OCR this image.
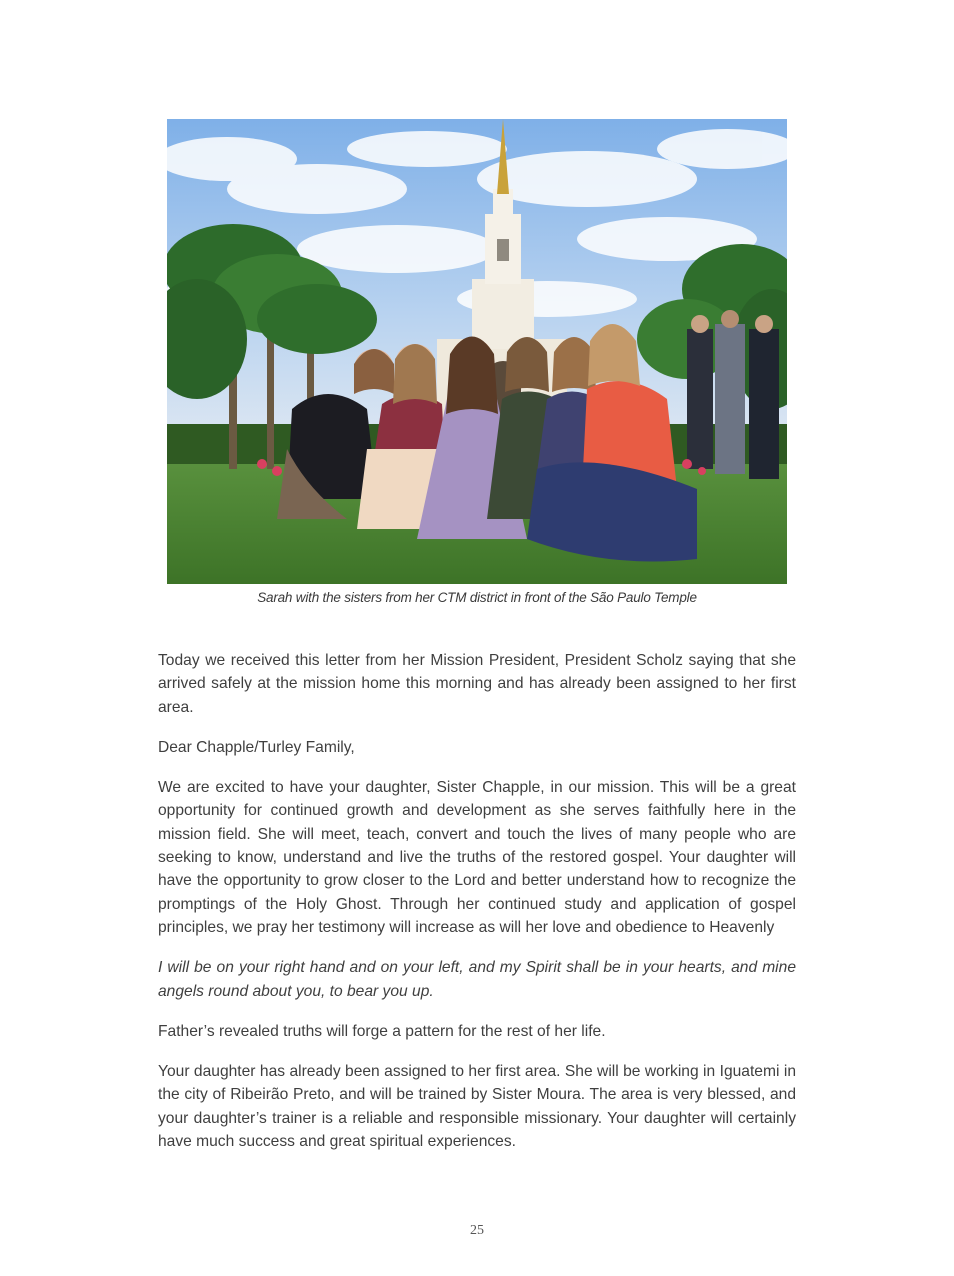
Sarah with the sisters from her CTM district in front of the São Paulo Temple

Today we received this letter from her Mission President, President Scholz saying that she arrived safely at the mission home this morning and has already been assigned to her first area.

Dear Chapple/Turley Family,

We are excited to have your daughter, Sister Chapple, in our mission. This will be a great opportunity for continued growth and development as she serves faithfully here in the mission field. She will meet, teach, convert and touch the lives of many people who are seeking to know, understand and live the truths of the restored gospel. Your daughter will have the opportunity to grow closer to the Lord and better understand how to recognize the promptings of the Holy Ghost. Through her continued study and application of gospel principles, we pray her testimony will increase as will her love and obedience to Heavenly

I will be on your right hand and on your left, and my Spirit shall be in your hearts, and mine angels round about you, to bear you up.

Father’s revealed truths will forge a pattern for the rest of her life.

Your daughter has already been assigned to her first area. She will be working in Iguatemi in the city of Ribeirão Preto, and will be trained by Sister Moura. The area is very blessed, and your daughter’s trainer is a reliable and responsible missionary. Your daughter will certainly have much success and great spiritual experiences.

25
